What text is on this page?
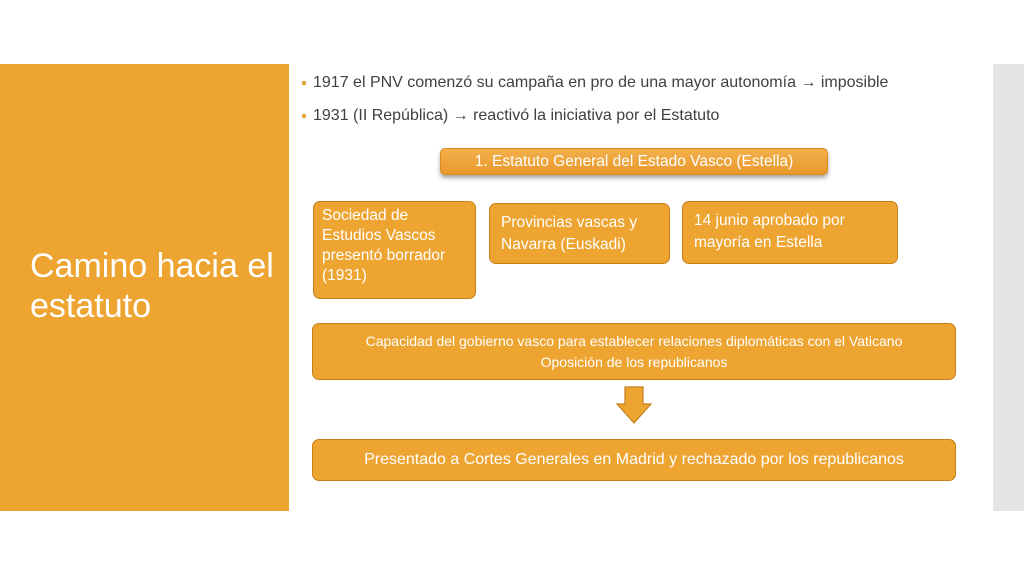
Camino hacia el estatuto
1917 el PNV comenzó su campaña en pro de una mayor autonomía → imposible
1931 (II República) → reactivó la iniciativa por el Estatuto
1. Estatuto General del Estado Vasco (Estella)
Sociedad de Estudios Vascos presentó borrador (1931)
Provincias vascas y Navarra (Euskadi)
14 junio aprobado por mayoría en Estella
Capacidad del gobierno vasco para establecer relaciones diplomáticas con el Vaticano
Oposición de los republicanos
Presentado a Cortes Generales en Madrid y rechazado por los republicanos
